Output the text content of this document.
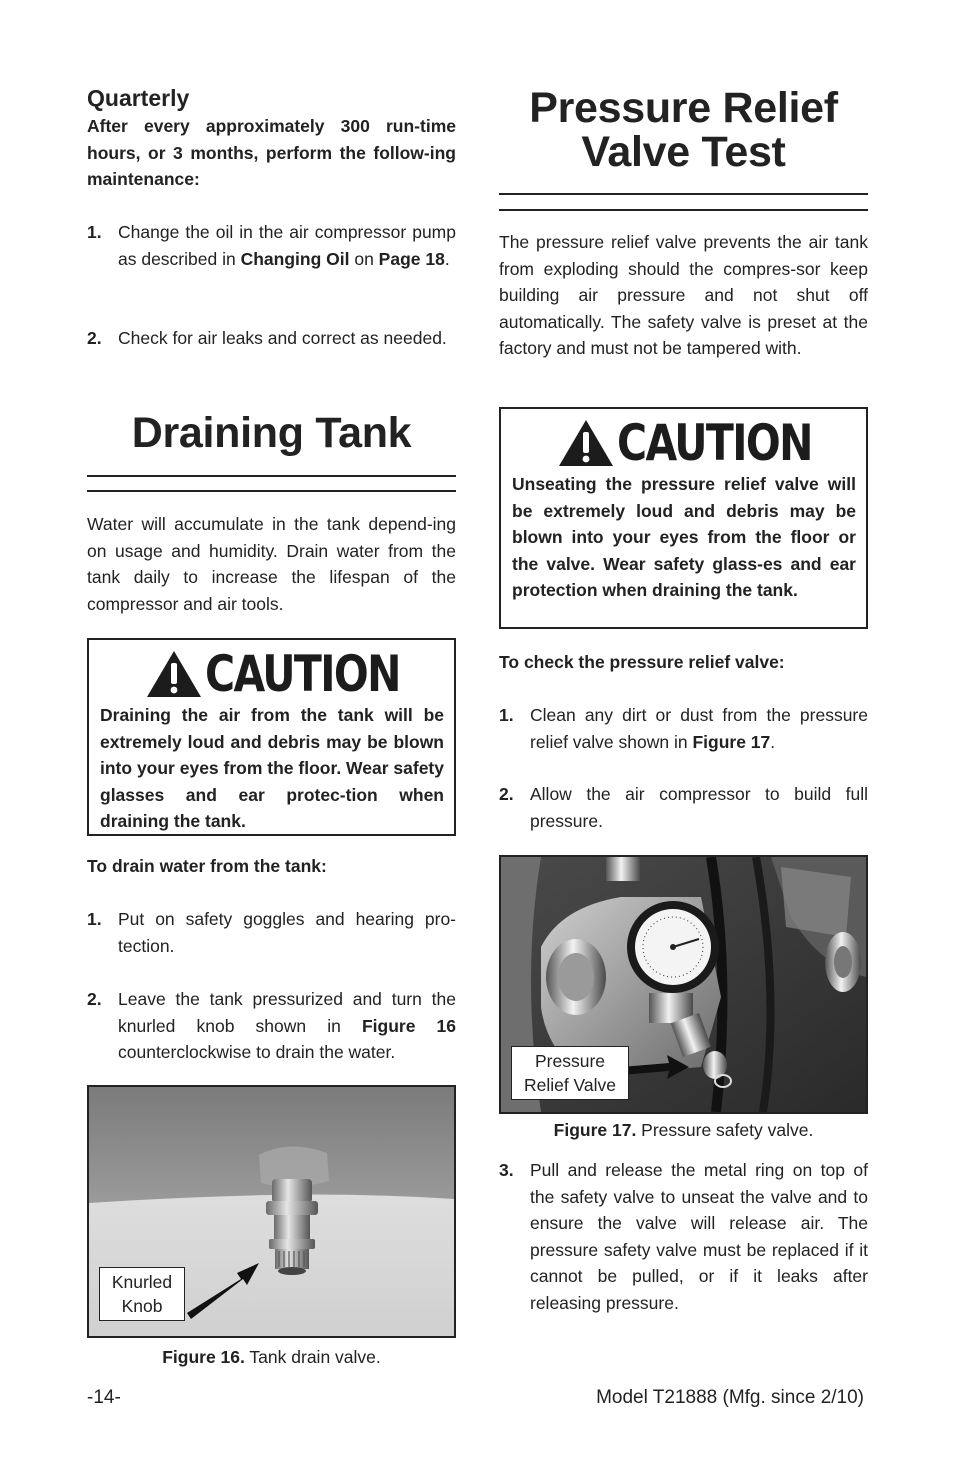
Quarterly

After every approximately 300 run-time hours, or 3 months, perform the follow-ing maintenance:

1. Change the oil in the air compressor pump as described in Changing Oil on Page 18.
2. Check for air leaks and correct as needed.
Draining Tank

Water will accumulate in the tank depend-ing on usage and humidity. Drain water from the tank daily to increase the lifespan of the compressor and air tools.

CAUTION
Draining the air from the tank will be extremely loud and debris may be blown into your eyes from the floor. Wear safety glasses and ear protec-tion when draining the tank.

To drain water from the tank:

1. Put on safety goggles and hearing pro-tection.
2. Leave the tank pressurized and turn the knurled knob shown in Figure 16 counterclockwise to drain the water.
Knurled
Knob
Figure 16. Tank drain valve.
Pressure Relief
Valve Test

The pressure relief valve prevents the air tank from exploding should the compres-sor keep building air pressure and not shut off automatically. The safety valve is preset at the factory and must not be tampered with.

CAUTION
Unseating the pressure relief valve will be extremely loud and debris may be blown into your eyes from the floor or the valve. Wear safety glass-es and ear protection when draining the tank.

To check the pressure relief valve:

1. Clean any dirt or dust from the pressure relief valve shown in Figure 17.
2. Allow the air compressor to build full pressure.
Pressure
Relief Valve
Figure 17. Pressure safety valve.
3. Pull and release the metal ring on top of the safety valve to unseat the valve and to ensure the valve will release air. The pressure safety valve must be replaced if it cannot be pulled, or if it leaks after releasing pressure.
-14-	Model T21888 (Mfg. since 2/10)
